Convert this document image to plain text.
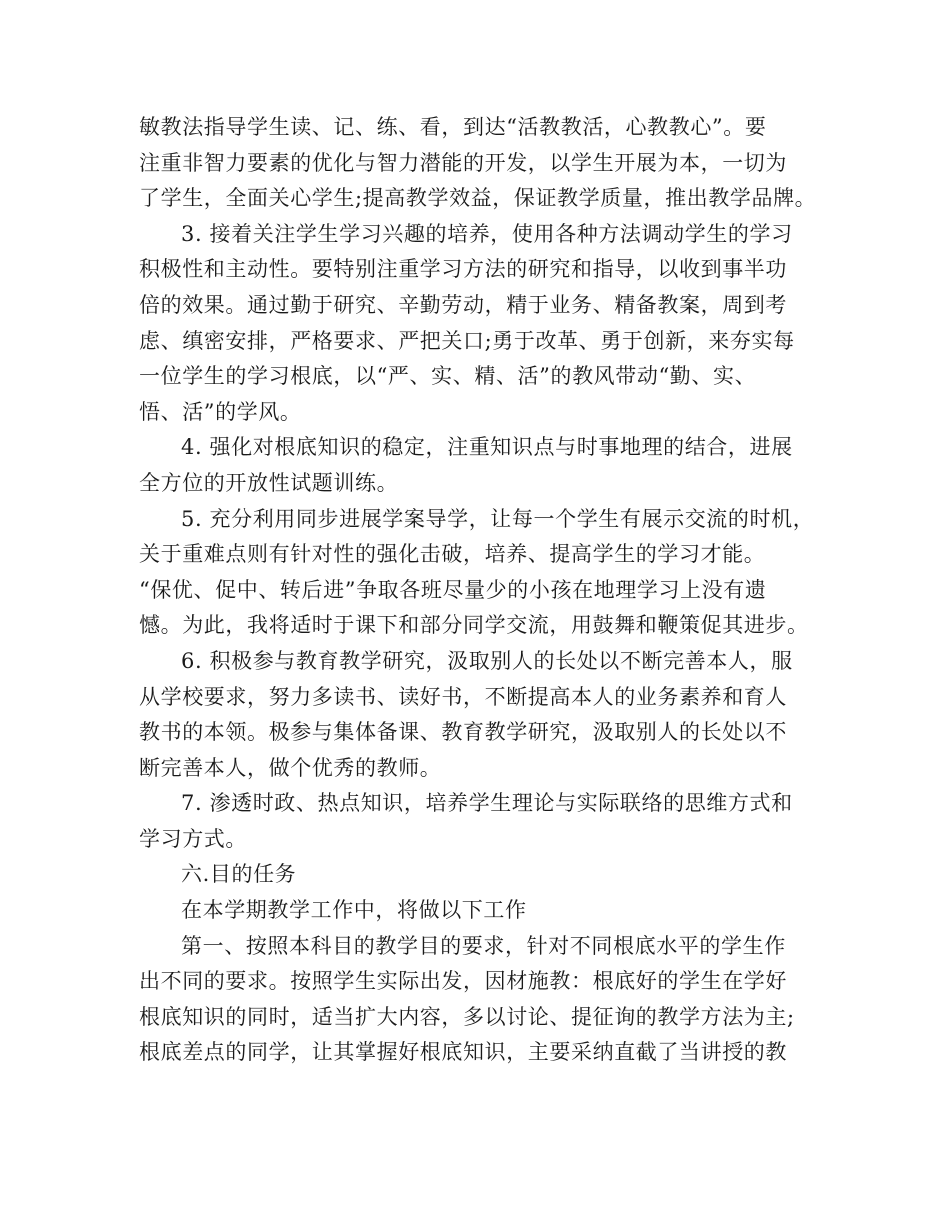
敏教法指导学生读、记、练、看，到达“活教教活，心教教心”。要
注重非智力要素的优化与智力潜能的开发，以学生开展为本，一切为
了学生，全面关心学生;提高教学效益，保证教学质量，推出教学品牌。
3. 接着关注学生学习兴趣的培养，使用各种方法调动学生的学习
积极性和主动性。要特别注重学习方法的研究和指导，以收到事半功
倍的效果。通过勤于研究、辛勤劳动，精于业务、精备教案，周到考
虑、缜密安排，严格要求、严把关口;勇于改革、勇于创新，来夯实每
一位学生的学习根底，以“严、实、精、活”的教风带动“勤、实、
悟、活”的学风。
4. 强化对根底知识的稳定，注重知识点与时事地理的结合，进展
全方位的开放性试题训练。
5. 充分利用同步进展学案导学，让每一个学生有展示交流的时机，
关于重难点则有针对性的强化击破，培养、提高学生的学习才能。
“保优、促中、转后进”争取各班尽量少的小孩在地理学习上没有遗
憾。为此，我将适时于课下和部分同学交流，用鼓舞和鞭策促其进步。
6. 积极参与教育教学研究，汲取别人的长处以不断完善本人，服
从学校要求，努力多读书、读好书，不断提高本人的业务素养和育人
教书的本领。极参与集体备课、教育教学研究，汲取别人的长处以不
断完善本人，做个优秀的教师。
7. 渗透时政、热点知识，培养学生理论与实际联络的思维方式和
学习方式。
六.目的任务
在本学期教学工作中，将做以下工作
第一、按照本科目的教学目的要求，针对不同根底水平的学生作
出不同的要求。按照学生实际出发，因材施教：根底好的学生在学好
根底知识的同时，适当扩大内容，多以讨论、提征询的教学方法为主;
根底差点的同学，让其掌握好根底知识，主要采纳直截了当讲授的教
